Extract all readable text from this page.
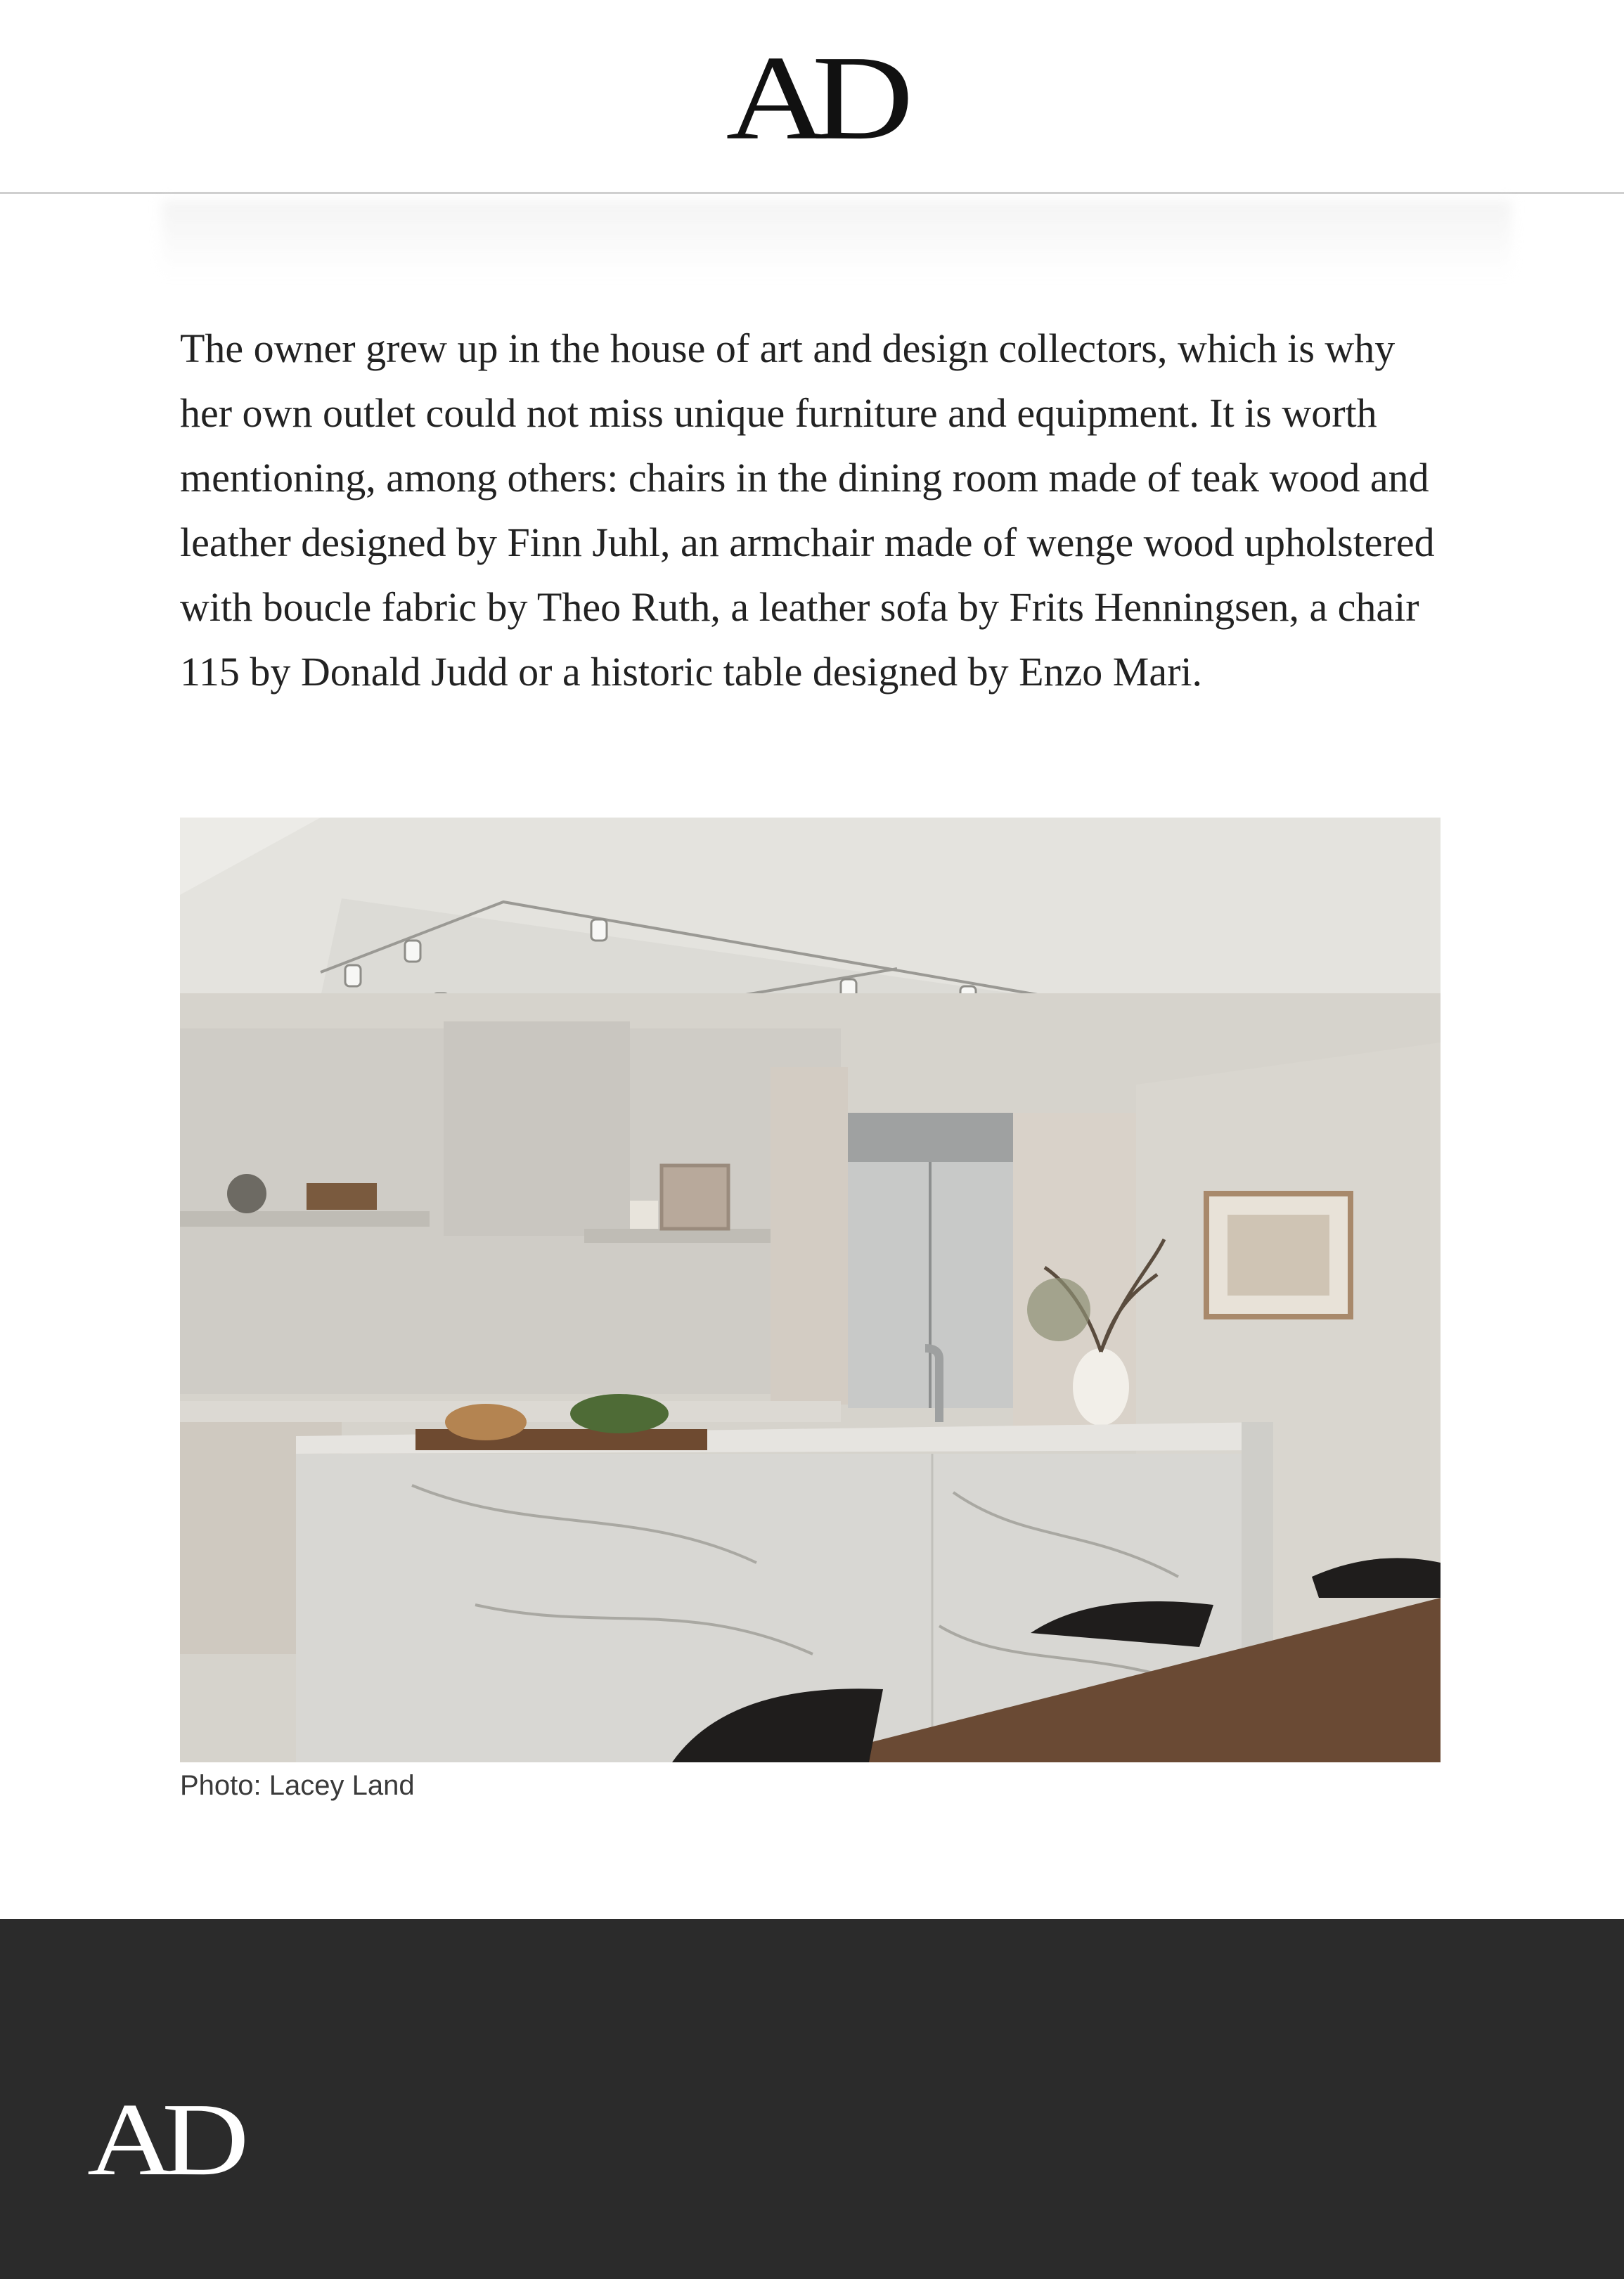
AD

The owner grew up in the house of art and design collectors, which is why her own outlet could not miss unique furniture and equipment. It is worth mentioning, among others: chairs in the dining room made of teak wood and leather designed by Finn Juhl, an armchair made of wenge wood upholstered with boucle fabric by Theo Ruth, a leather sofa by Frits Henningsen, a chair 115 by Donald Judd or a historic table designed by Enzo Mari.

Photo: Lacey Land
AD
